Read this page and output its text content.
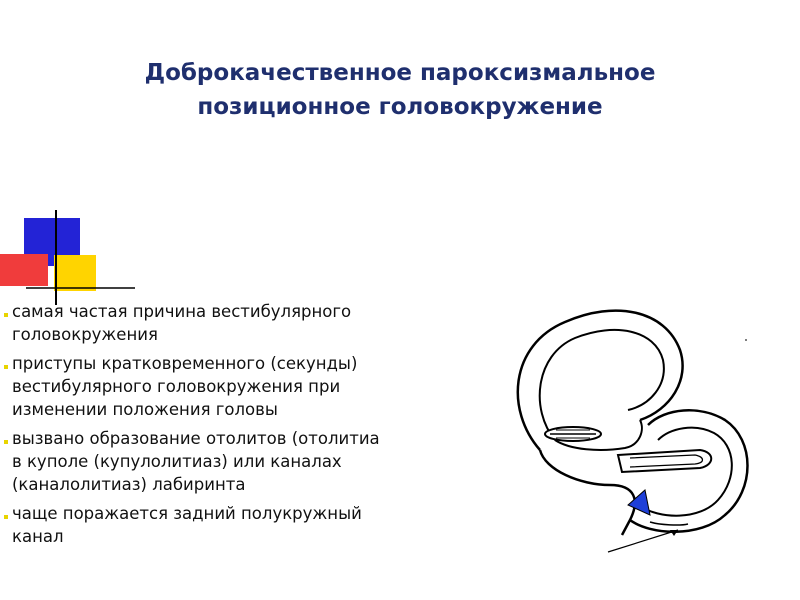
Доброкачественное пароксизмальное
позиционное головокружение
самая частая причина вестибулярного
головокружения
приступы кратковременного (секунды)
вестибулярного головокружения при
изменении положения головы
вызвано образование отолитов (отолитиа
в куполе (купулолитиаз) или каналах
(каналолитиаз) лабиринта
чаще поражается задний полукружный
канал
